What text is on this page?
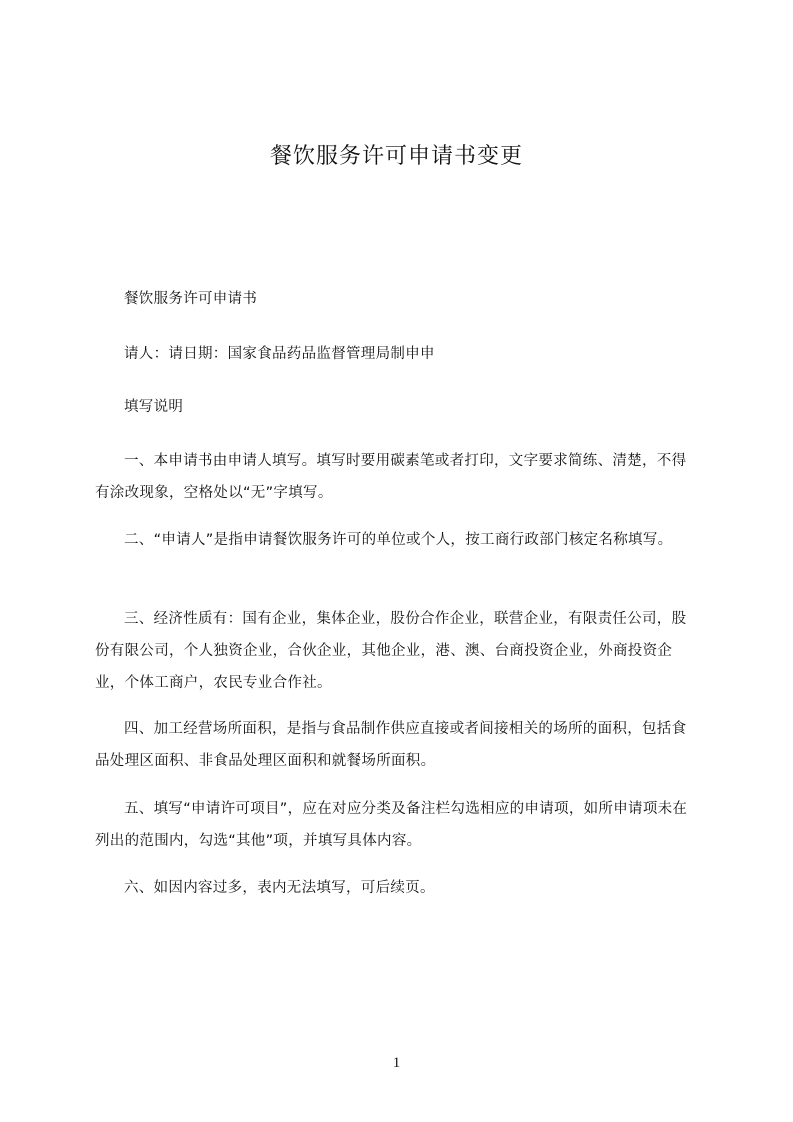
餐饮服务许可申请书变更
餐饮服务许可申请书
请人：请日期：国家食品药品监督管理局制申申
填写说明
一、本申请书由申请人填写。填写时要用碳素笔或者打印，文字要求简练、清楚，不得有涂改现象，空格处以“无”字填写。
二、“申请人”是指申请餐饮服务许可的单位或个人，按工商行政部门核定名称填写。
三、经济性质有：国有企业，集体企业，股份合作企业，联营企业，有限责任公司，股份有限公司，个人独资企业，合伙企业，其他企业，港、澳、台商投资企业，外商投资企业，个体工商户，农民专业合作社。
四、加工经营场所面积，是指与食品制作供应直接或者间接相关的场所的面积，包括食品处理区面积、非食品处理区面积和就餐场所面积。
五、填写“申请许可项目”，应在对应分类及备注栏勾选相应的申请项，如所申请项未在列出的范围内，勾选“其他”项，并填写具体内容。
六、如因内容过多，表内无法填写，可后续页。
1
